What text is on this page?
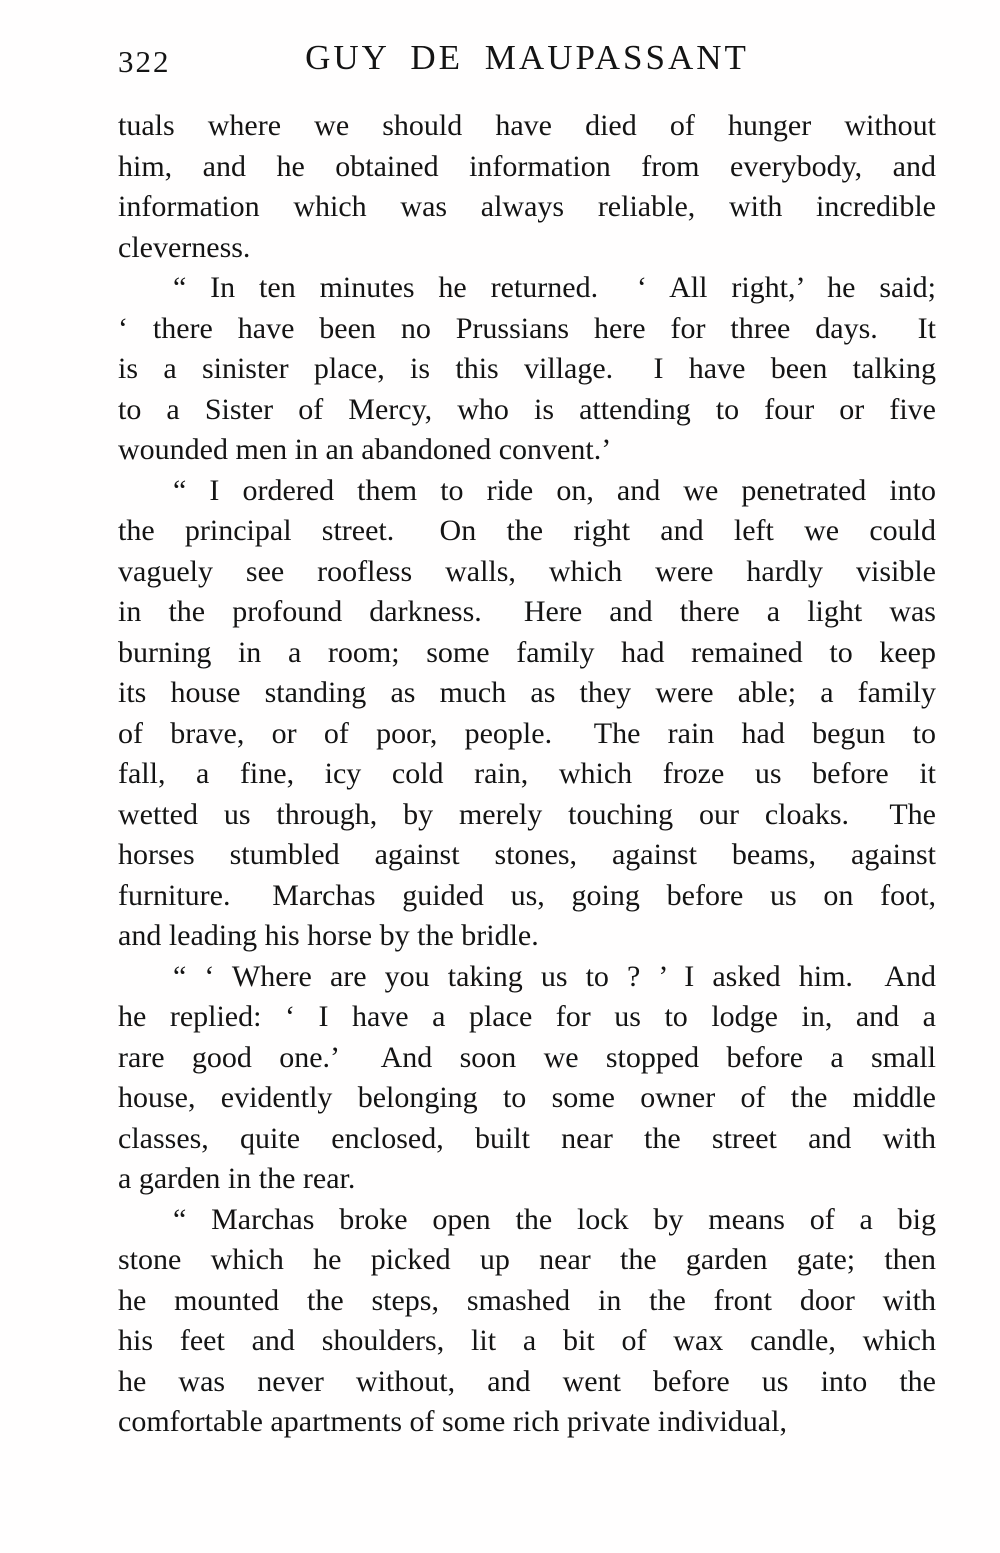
322	GUY DE MAUPASSANT
tuals where we should have died of hunger without
him, and he obtained information from everybody, and
information which was always reliable, with incredible
cleverness.
“ In ten minutes he returned.  ‘ All right,’ he said;
‘ there have been no Prussians here for three days.  It
is a sinister place, is this village.  I have been talking
to a Sister of Mercy, who is attending to four or five
wounded men in an abandoned convent.’
“ I ordered them to ride on, and we penetrated into
the principal street.  On the right and left we could
vaguely see roofless walls, which were hardly visible
in the profound darkness.  Here and there a light was
burning in a room; some family had remained to keep
its house standing as much as they were able; a family
of brave, or of poor, people.  The rain had begun to
fall, a fine, icy cold rain, which froze us before it
wetted us through, by merely touching our cloaks.  The
horses stumbled against stones, against beams, against
furniture.  Marchas guided us, going before us on foot,
and leading his horse by the bridle.
“ ‘ Where are you taking us to ? ’ I asked him.  And
he replied: ‘ I have a place for us to lodge in, and a
rare good one.’  And soon we stopped before a small
house, evidently belonging to some owner of the middle
classes, quite enclosed, built near the street and with
a garden in the rear.
“ Marchas broke open the lock by means of a big
stone which he picked up near the garden gate; then
he mounted the steps, smashed in the front door with
his feet and shoulders, lit a bit of wax candle, which
he was never without, and went before us into the
comfortable apartments of some rich private individual,
